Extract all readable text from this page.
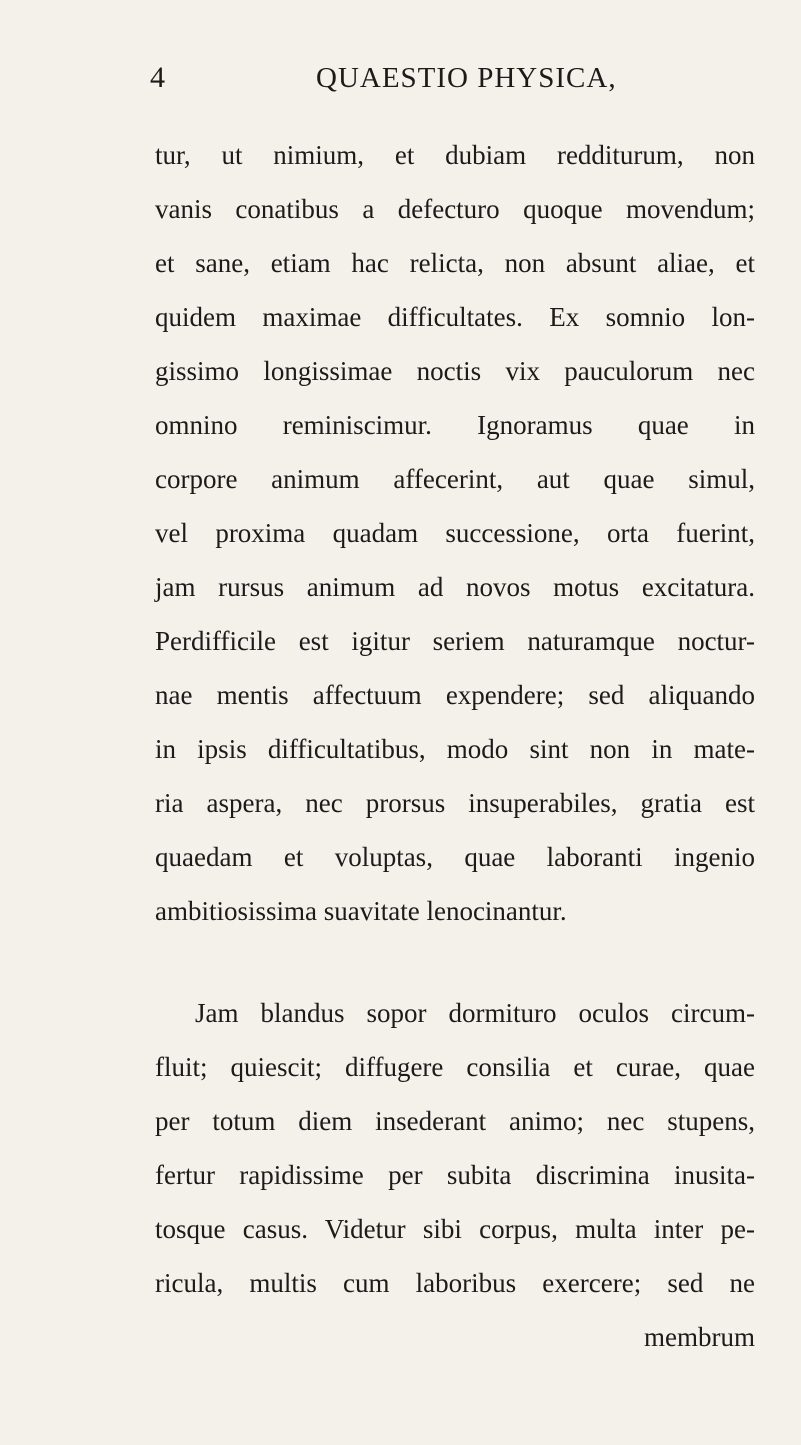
4	QUAESTIO PHYSICA,
tur, ut nimium, et dubiam redditurum, non
vanis conatibus a defecturo quoque movendum;
et sane, etiam hac relicta, non absunt aliae, et
quidem maximae difficultates. Ex somnio lon-
gissimo longissimae noctis vix pauculorum nec
omnino reminiscimur. Ignoramus quae in
corpore animum affecerint, aut quae simul,
vel proxima quadam successione, orta fuerint,
jam rursus animum ad novos motus excitatura.
Perdifficile est igitur seriem naturamque noctur-
nae mentis affectuum expendere; sed aliquando
in ipsis difficultatibus, modo sint non in mate-
ria aspera, nec prorsus insuperabiles, gratia est
quaedam et voluptas, quae laboranti ingenio
ambitiosissima suavitate lenocinantur.
Jam blandus sopor dormituro oculos circum-
fluit; quiescit; diffugere consilia et curae, quae
per totum diem insederant animo; nec stupens,
fertur rapidissime per subita discrimina inusita-
tosque casus. Videtur sibi corpus, multa inter pe-
ricula, multis cum laboribus exercere; sed ne
membrum
